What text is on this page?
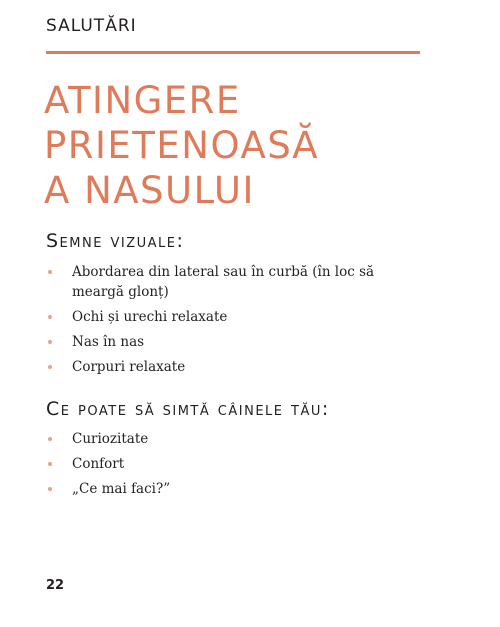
SALUTĂRI
ATINGERE
PRIETENOASĂ
A NASULUI
Semne vizuale:
Abordarea din lateral sau în curbă (în loc să meargă glonț)
Ochi și urechi relaxate
Nas în nas
Corpuri relaxate
Ce poate să simtă câinele tău:
Curiozitate
Confort
„Ce mai faci?”
22
